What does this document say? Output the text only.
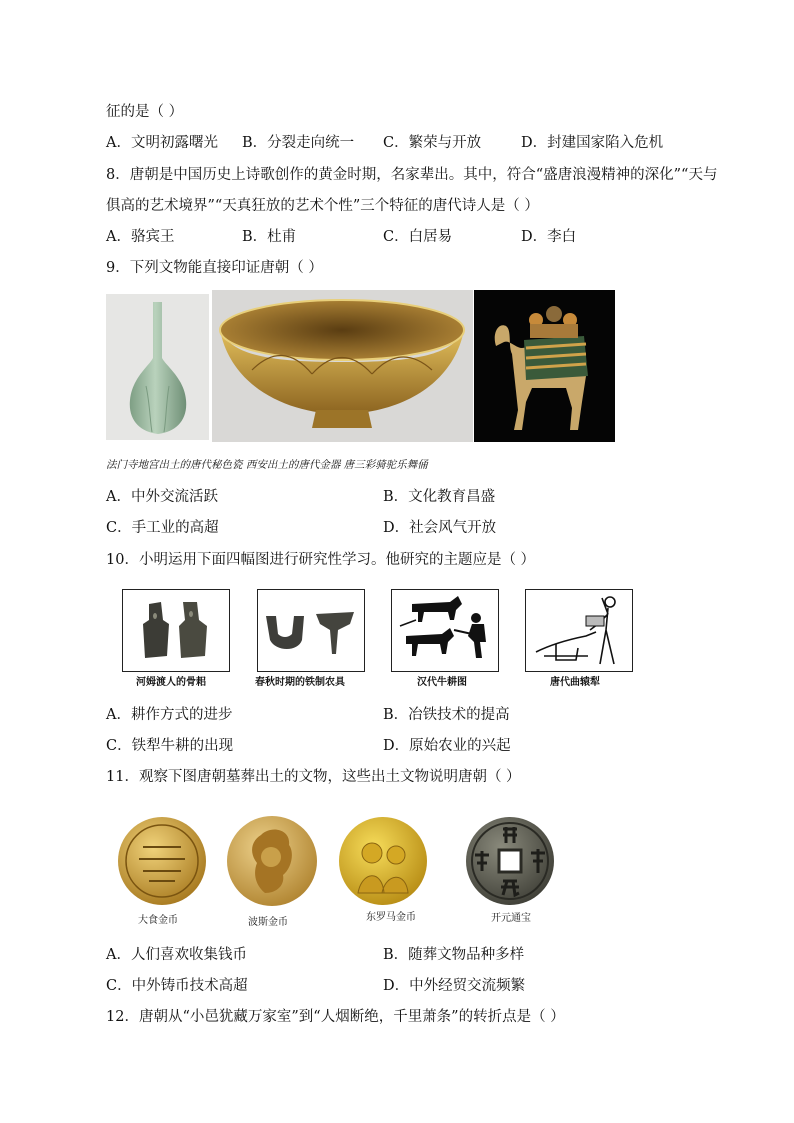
征的是（ ）
A．文明初露曙光 B．分裂走向统一 C．繁荣与开放	D．封建国家陷入危机
8．唐朝是中国历史上诗歌创作的黄金时期，名家辈出。其中，符合“盛唐浪漫精神的深化”“天与
俱高的艺术境界”“天真狂放的艺术个性”三个特征的唐代诗人是（ ）
A．骆宾王	B．杜甫	C．白居易	D．李白
9．下列文物能直接印证唐朝（ ）
法门寺地宫出土的唐代秘色瓷 西安出土的唐代金器 唐三彩骑驼乐舞俑
A．中外交流活跃	B．文化教育昌盛
C．手工业的高超	D．社会风气开放
10．小明运用下面四幅图进行研究性学习。他研究的主题应是（ ）
河姆渡人的骨耜	春秋时期的铁制农具	汉代牛耕图	唐代曲辕犁
A．耕作方式的进步	B．冶铁技术的提高
C．铁犁牛耕的出现	D．原始农业的兴起
11．观察下图唐朝墓葬出土的文物，这些出土文物说明唐朝（ ）
大食金币	波斯金币	东罗马金币	开元通宝
A．人们喜欢收集钱币	B．随葬文物品种多样
C．中外铸币技术高超	D．中外经贸交流频繁
12．唐朝从“小邑犹藏万家室”到“人烟断绝，千里萧条”的转折点是（ ）
